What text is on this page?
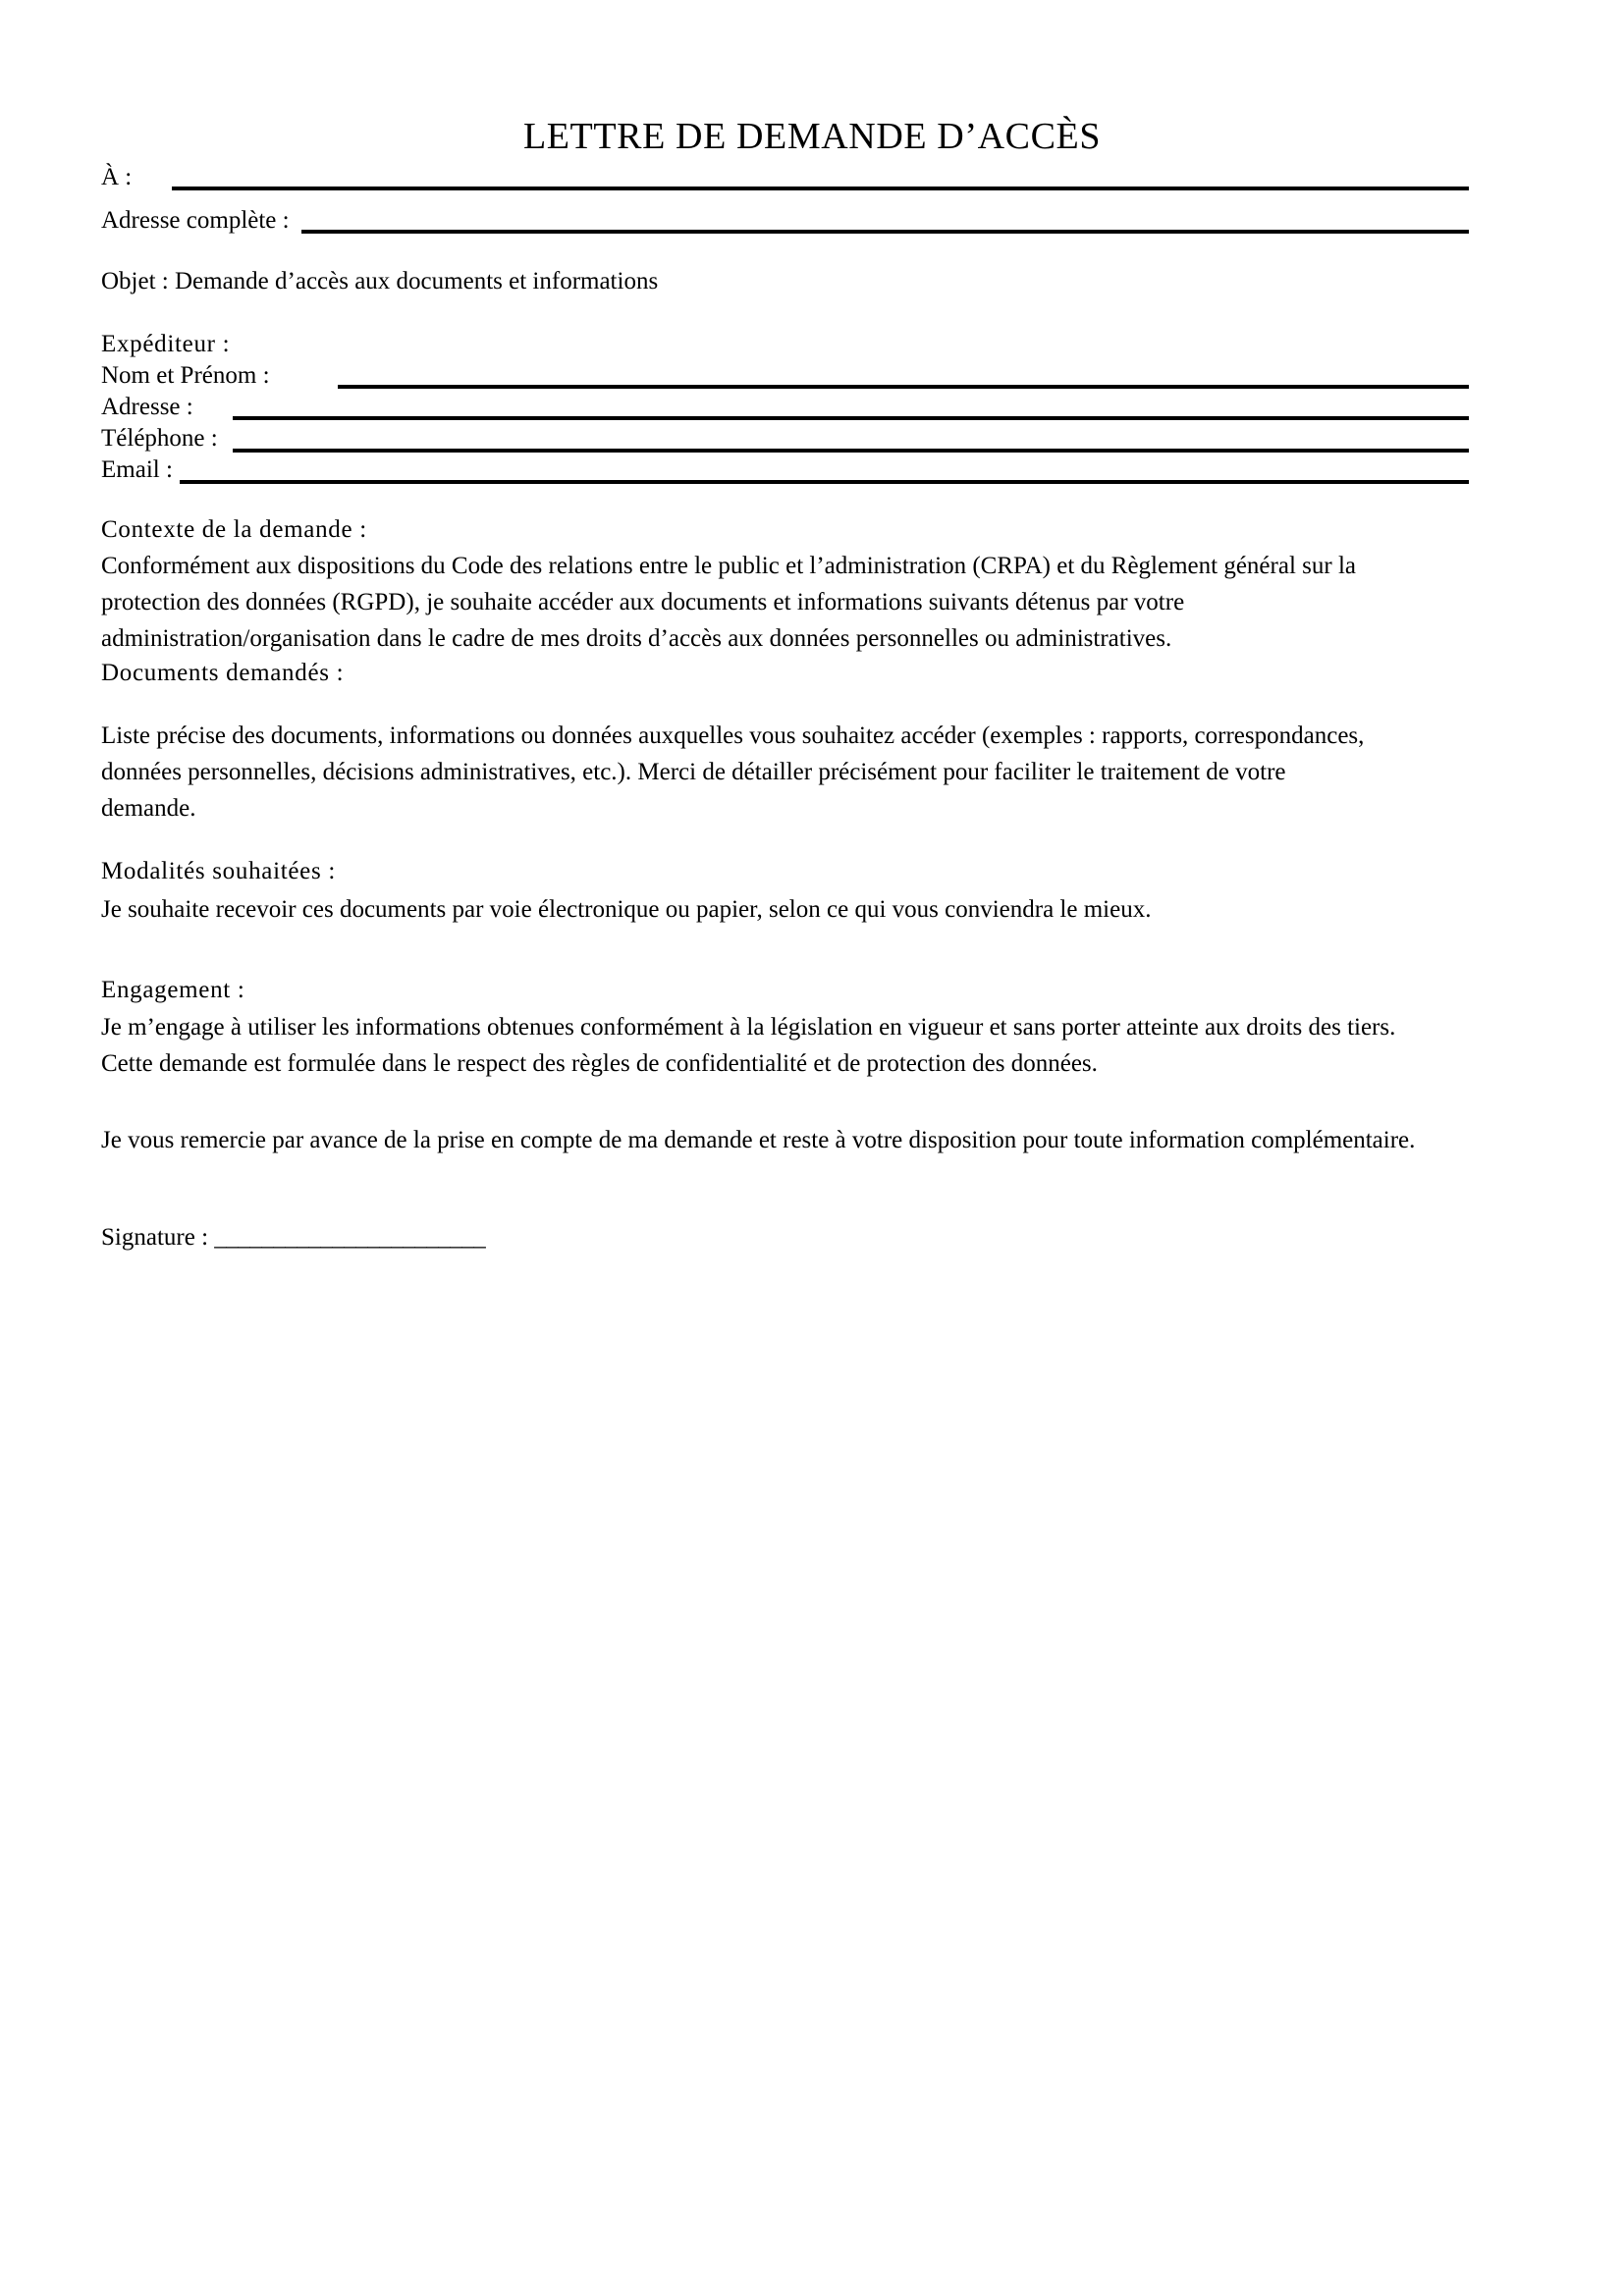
LETTRE DE DEMANDE D’ACCÈS
À :
Adresse complète :
Objet : Demande d’accès aux documents et informations
Expéditeur :
Nom et Prénom :
Adresse :
Téléphone :
Email :
Contexte de la demande :
Conformément aux dispositions du Code des relations entre le public et l’administration (CRPA) et du Règlement général sur la protection des données (RGPD), je souhaite accéder aux documents et informations suivants détenus par votre administration/organisation dans le cadre de mes droits d’accès aux données personnelles ou administratives.
Documents demandés :
Liste précise des documents, informations ou données auxquelles vous souhaitez accéder (exemples : rapports, correspondances, données personnelles, décisions administratives, etc.). Merci de détailler précisément pour faciliter le traitement de votre demande.
Modalités souhaitées :
Je souhaite recevoir ces documents par voie électronique ou papier, selon ce qui vous conviendra le mieux.
Engagement :
Je m’engage à utiliser les informations obtenues conformément à la législation en vigueur et sans porter atteinte aux droits des tiers. Cette demande est formulée dans le respect des règles de confidentialité et de protection des données.
Je vous remercie par avance de la prise en compte de ma demande et reste à votre disposition pour toute information complémentaire.
Signature : _______________________
